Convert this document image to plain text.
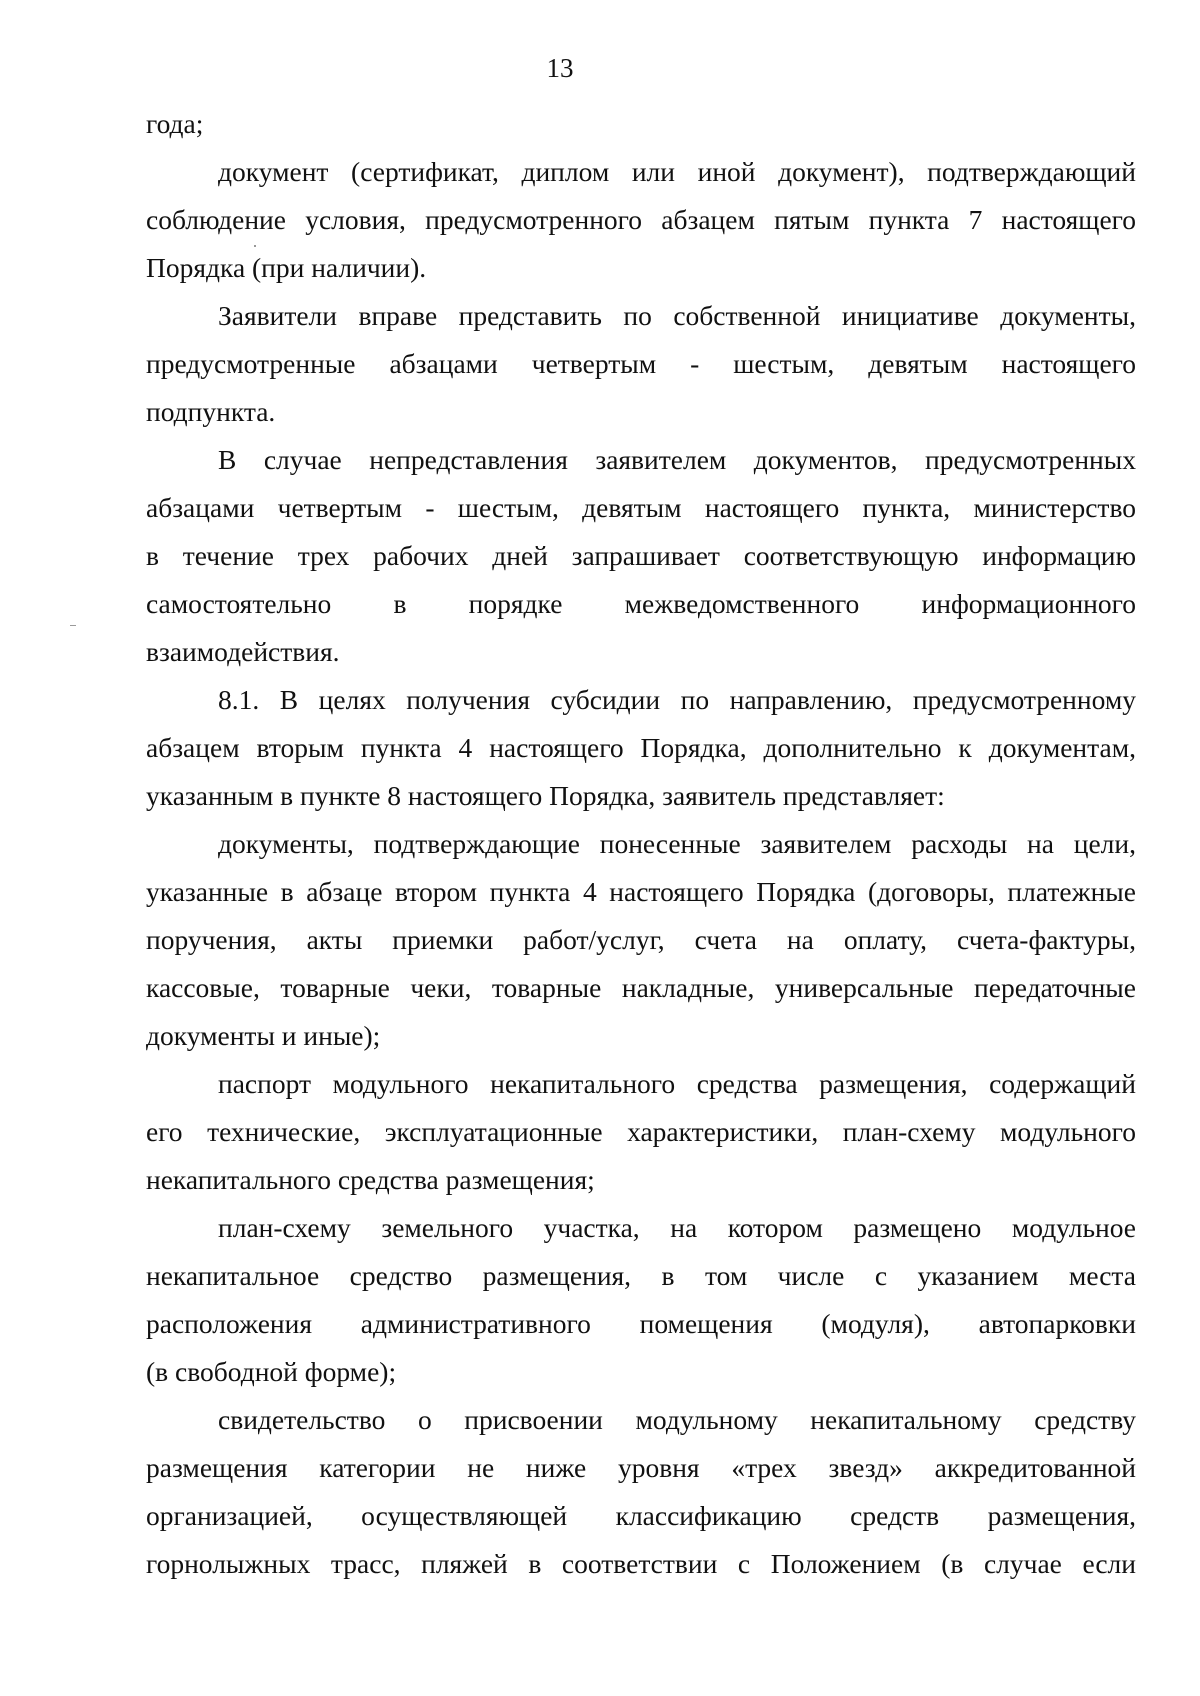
13
года;
документ (сертификат, диплом или иной документ), подтверждающий
соблюдение условия, предусмотренного абзацем пятым пункта 7 настоящего
Порядка (при наличии).
Заявители вправе представить по собственной инициативе документы,
предусмотренные абзацами четвертым - шестым, девятым настоящего
подпункта.
В случае непредставления заявителем документов, предусмотренных
абзацами четвертым - шестым, девятым настоящего пункта, министерство
в течение трех рабочих дней запрашивает соответствующую информацию
самостоятельно в порядке межведомственного информационного
взаимодействия.
8.1. В целях получения субсидии по направлению, предусмотренному
абзацем вторым пункта 4 настоящего Порядка, дополнительно к документам,
указанным в пункте 8 настоящего Порядка, заявитель представляет:
документы, подтверждающие понесенные заявителем расходы на цели,
указанные в абзаце втором пункта 4 настоящего Порядка (договоры, платежные
поручения, акты приемки работ/услуг, счета на оплату, счета-фактуры,
кассовые, товарные чеки, товарные накладные, универсальные передаточные
документы и иные);
паспорт модульного некапитального средства размещения, содержащий
его технические, эксплуатационные характеристики, план-схему модульного
некапитального средства размещения;
план-схему земельного участка, на котором размещено модульное
некапитальное средство размещения, в том числе с указанием места
расположения административного помещения (модуля), автопарковки
(в свободной форме);
свидетельство о присвоении модульному некапитальному средству
размещения категории не ниже уровня «трех звезд» аккредитованной
организацией, осуществляющей классификацию средств размещения,
горнолыжных трасс, пляжей в соответствии с Положением (в случае если
